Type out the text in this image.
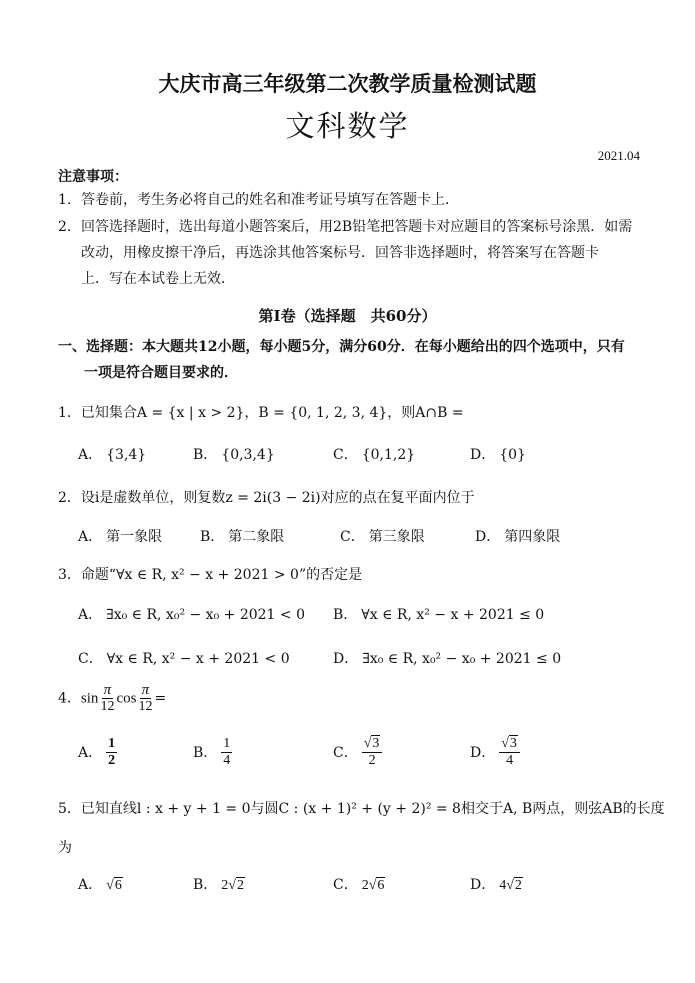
大庆市高三年级第二次教学质量检测试题
文科数学
2021.04
注意事项：
1. 答卷前，考生务必将自己的姓名和准考证号填写在答题卡上．
2. 回答选择题时，选出每道小题答案后，用2B铅笔把答题卡对应题目的答案标号涂黑．如需
改动，用橡皮擦干净后，再选涂其他答案标号．回答非选择题时，将答案写在答题卡
上．写在本试卷上无效．
第I卷（选择题　共60分）
一、选择题：本大题共12小题，每小题5分，满分60分．在每小题给出的四个选项中，只有
一项是符合题目要求的．
1．已知集合A = {x | x > 2}，B = {0, 1, 2, 3, 4}，则A∩B =
A． {3,4}	B． {0,3,4}	C． {0,1,2}	D． {0}
2．设i是虚数单位，则复数z = 2i(3 − 2i)对应的点在复平面内位于
A． 第一象限	B． 第二象限	C． 第三象限	D． 第四象限
3．命题“∀x ∈ R, x² − x + 2021 > 0”的否定是
A． ∃x₀ ∈ R, x₀² − x₀ + 2021 < 0 B． ∀x ∈ R, x² − x + 2021 ≤ 0
C． ∀x ∈ R, x² − x + 2021 < 0	D． ∃x₀ ∈ R, x₀² − x₀ + 2021 ≤ 0
4．$\sin \frac{\pi}{12}$ $\cos \frac{\pi}{12}$ =
A． $\frac{1}{2}$	B． $\frac{1}{4}$	C． $\frac{√3}{2}$	D． $\frac{√3}{4}$
5．已知直线l : x + y + 1 = 0与圆C : (x + 1)² + (y + 2)² = 8相交于A, B两点，则弦AB的长度
为
A． √6	B． 2√2	C． 2√6	D． 4√2
